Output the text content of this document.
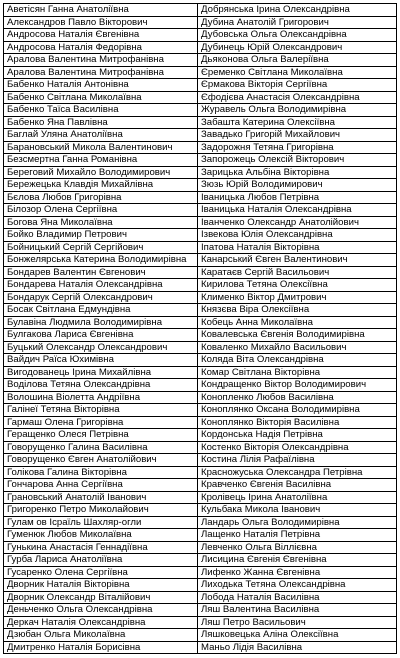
Аветісян Ганна Анатоліївна	Добрянська Ірина Олександрівна
Александров Павло Вікторович	Дубина Анатолій Григорович
Андросова Наталія Євгенівна	Дубовська Ольга Олександрівна
Андросова Наталія Федорівна	Дубинець Юрій Олександрович
Аралова Валентина Митрофанівна	Дьяконова Ольга Валеріївна
Аралова Валентина Митрофанівна	Єременко Світлана Миколаївна
Бабенко Наталія Антонівна	Єрмакова Вікторія Сергіївна
Бабенко Світлана Миколаївна	Єфодієва Анастасія Олександрівна
Бабенко Таїса Василівна	Журавель Ольга Володимирівна
Бабенко Яна Павлівна	Забашта Катерина Олексіївна
Баглай Уляна Анатоліївна	Завадько Григорій Михайлович
Барановський Микола Валентинович	Задорожня Тетяна Григорівна
Безсмертна Ганна Романівна	Запорожець Олексій Вікторович
Береговий Михайло Володимирович	Зарицька Альбіна Вікторівна
Бережецька Клавдія Михайлівна	Зюзь Юрій Володимирович
Бєлова Любов Григорівна	Іваницька Любов Петрівна
Білозор Олена Сергіївна	Іваницька Наталія Олександрівна
Богова Яна Миколаївна	Іванченко Олександр Анатолійович
Бойко Владимир Петрович	Ізвекова Юлія Олександрівна
Бойницький Сергій Сергійович	Іпатова Наталія Вікторівна
Бонжелярська Катерина Володимирівна	Канарський Євген Валентинович
Бондарев Валентин Євгенович	Каратаєв Сергій Васильович
Бондарева Наталія Олександрівна	Кирилова Тетяна Олексіївна
Бондарук Сергій Олександрович	Клименко Віктор Дмитрович
Босак Світлана Едмундівна	Князєва Віра Олексіївна
Булавіна Людмила Володимирівна	Кобець Анна Миколаївна
Булгакова Лариса Євгенівна	Ковалевська Євгенія Володимирівна
Буцький Олександр Олександрович	Коваленко Михайло Васильович
Вайдич Раїса Юхимівна	Коляда Віта Олександрівна
Вигодованець Ірина Михайлівна	Комар Світлана Вікторівна
Воділова Тетяна Олександрівна	Кондращенко Віктор Володимирович
Волошина Віолетта Андріївна	Конопленко Любов Василівна
Галінеї Тетяна Вікторівна	Коноплянко Оксана Володимирівна
Гармаш Олена Григорівна	Коноплянко Вікторія Василівна
Геращенко Олеся Петрівна	Кордонська Надія Петрівна
Говорущенко Галина Василівна	Костенко Вікторія Олександрівна
Говорущенко Євген Анатолійович	Костина Лілія Рафаїлівна
Голікова Галина Вікторівна	Красножуська Олександра Петрівна
Гончарова Анна Сергіївна	Кравченко Євгенія Василівна
Грановський Анатолій Іванович	Кролівець Ірина Анатоліївна
Григоренко Петро Миколайович	Кульбака Микола Іванович
Гулам ов Ісраїль Шахляр-огли	Ландарь Ольга Володимирівна
Гуменюк Любов Миколаївна	Лащенко Наталія Петрівна
Гунькина Анастасія Геннадіївна	Левченко Ольга Віллієвна
Гурба Лариса Анатоліївна	Лисицина Євгенія Євгенівна
Гусаренко Олена Сергіївна	Лифенко Жанна Євгенівна
Дворник Наталія Вікторівна	Лиходька Тетяна Олександрівна
Дворник Олександр Віталійович	Лобода Наталія Василівна
Деньченко Ольга Олександрівна	Ляш Валентина Василівна
Деркач Наталія Олександрівна	Ляш Петро Васильович
Дзюбан Ольга Миколаївна	Ляшковецька Аліна Олексіївна
Дмитренко Наталія Борисівна	Маньо Лідія Василівна
